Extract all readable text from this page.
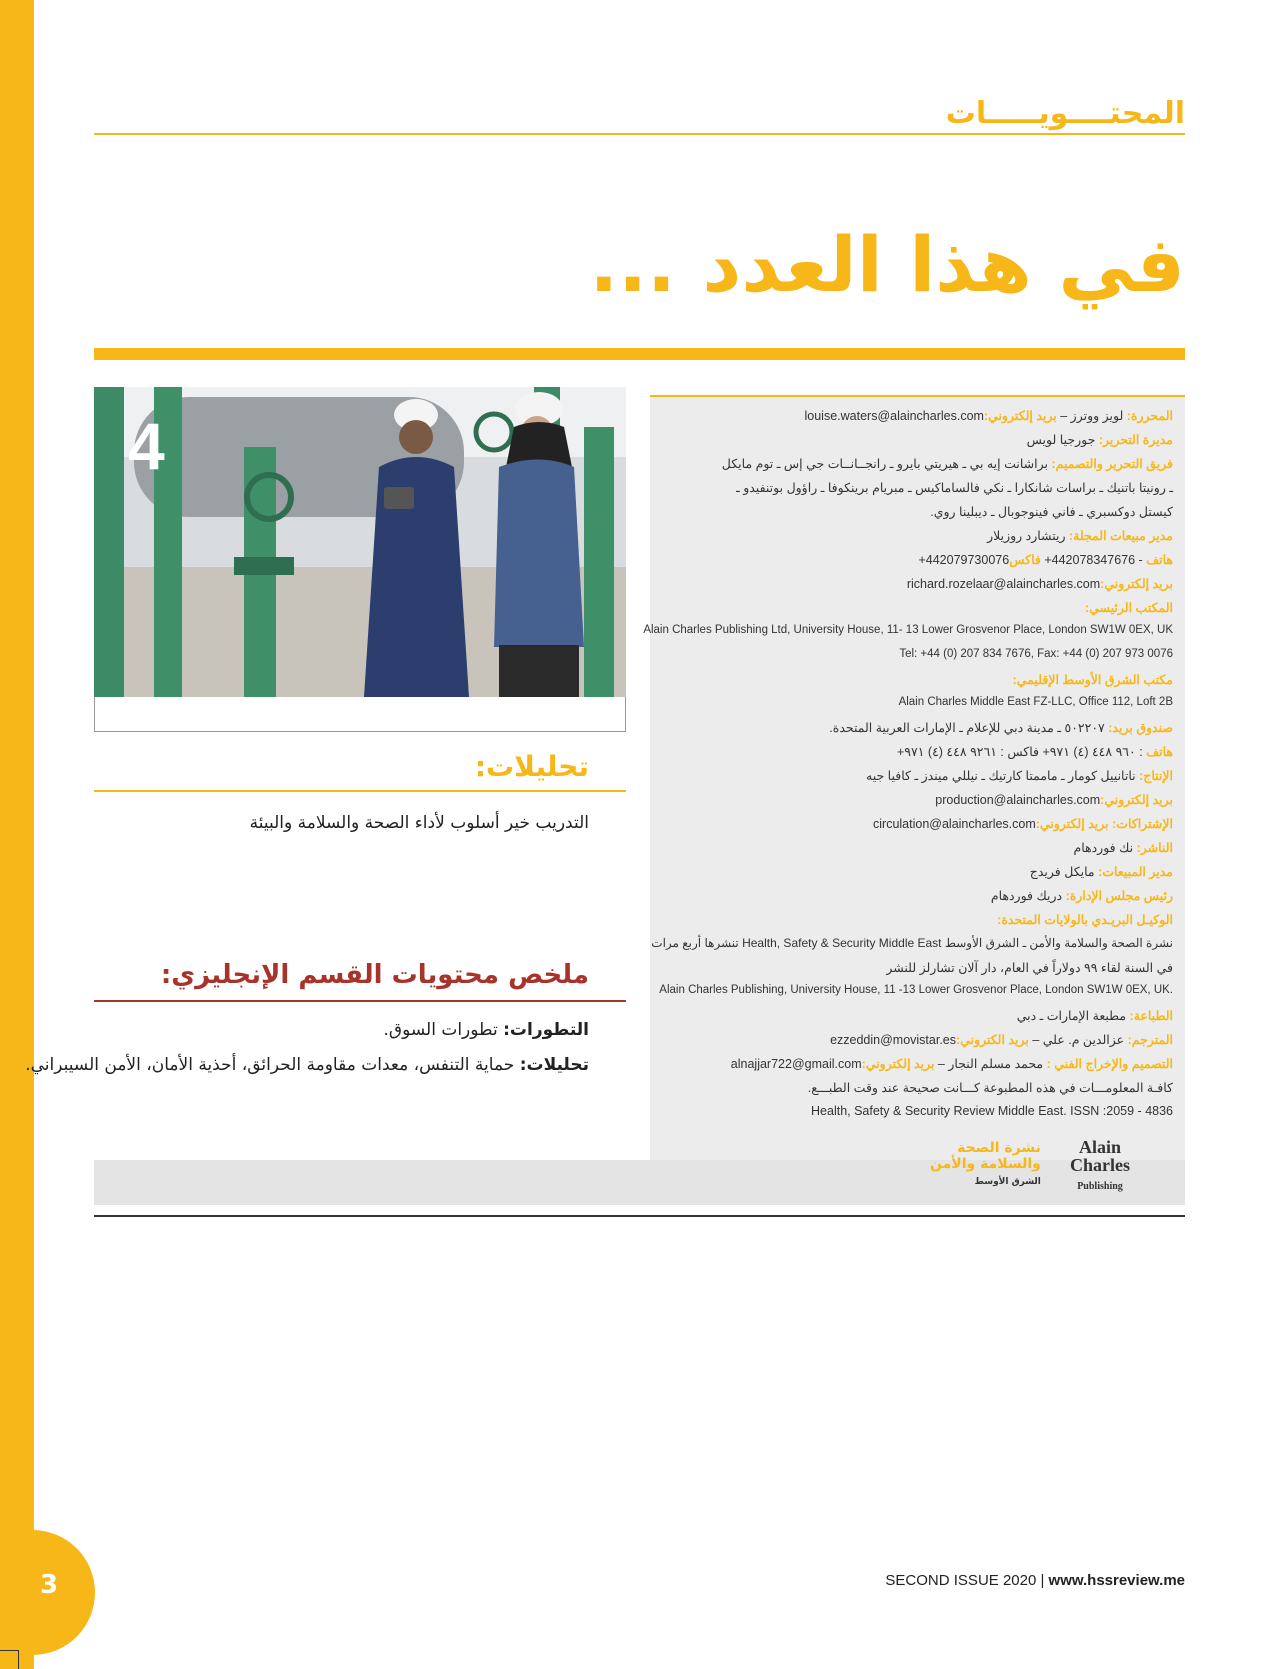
3
المحتــــويـــــات
في هذا العدد ...
4
تحليلات:
التدريب خير أسلوب لأداء الصحة والسلامة والبيئة
ملخص محتويات القسم الإنجليزي:
التطورات: تطورات السوق.
تحليلات: حماية التنفس، معدات مقاومة الحرائق، أحذية الأمان، الأمن السيبراني.
المحررة: لويز ووترز – بريد إلكتروني:louise.waters@alaincharles.com
مديرة التحرير: جورجيا لويس
فريق التحرير والتصميم: براشانت إيه بي ـ هيريتي بايرو ـ رانجــانــات جي إس ـ توم مايكل
ـ رونيتا باتنيك ـ براسات شانكارا ـ نكي فالساماكيس ـ مبريام برينكوفا ـ راؤول بوتنفيدو ـ
كيستل دوكسبري ـ فاني فينوجوبال ـ ديبلينا روي.
مدير مبيعات المجلة: ريتشارد روزيلار
هاتف +442078347676 - فاكس +442079730076
بريد إلكتروني:richard.rozelaar@alaincharles.com
المكتب الرئيسي:
Alain Charles Publishing Ltd, University House, 11- 13 Lower Grosvenor Place, London SW1W 0EX, UK
Tel: +44 (0) 207 834 7676, Fax: +44 (0) 207 973 0076
مكتب الشرق الأوسط الإقليمي:
Alain Charles Middle East FZ-LLC, Office 112, Loft 2B
صندوق بريد: ٥٠٢٢٠٧ ـ مدينة دبي للإعلام ـ الإمارات العربية المتحدة.
هاتف : ٩٦٠ ٤٤٨ (٤) ٩٧١+ فاكس : ٩٢٦١ ٤٤٨ (٤) ٩٧١+
الإنتاج: ناتانييل كومار ـ ماممتا كارتيك ـ نيللي ميندز ـ كافيا جيه
بريد إلكتروني:production@alaincharles.com
الإشتراكات: بريد إلكتروني:circulation@alaincharles.com
الناشر: نك فوردهام
مدير المبيعات: مايكل فريدج
رئيس مجلس الإدارة: دريك فوردهام
الوكيـل البريـدي بالولايات المتحدة:
نشرة الصحة والسلامة والأمن ـ الشرق الأوسط Health, Safety & Security Middle East تنشرها أربع مرات
في السنة لقاء ٩٩ دولاراً في العام، دار آلان تشارلز للنشر
Alain Charles Publishing, University House, 11 -13 Lower Grosvenor Place, London SW1W 0EX, UK.
الطباعة: مطبعة الإمارات ـ دبي
المترجم: عزالدين م. علي – بريد الكتروني:ezzeddin@movistar.es
التصميم والإخراج الفني : محمد مسلم النجار – بريد إلكتروني:alnajjar722@gmail.com
كافـة المعلومـــات في هذه المطبوعة كـــانت صحيحة عند وقت الطبـــع.
Health, Safety & Security Review Middle East. ISSN :2059 - 4836
Alain
Charles
Publishing
نشرة الصحة
والسلامة والأمن
الشرق الأوسط
SECOND ISSUE 2020 | www.hssreview.me
